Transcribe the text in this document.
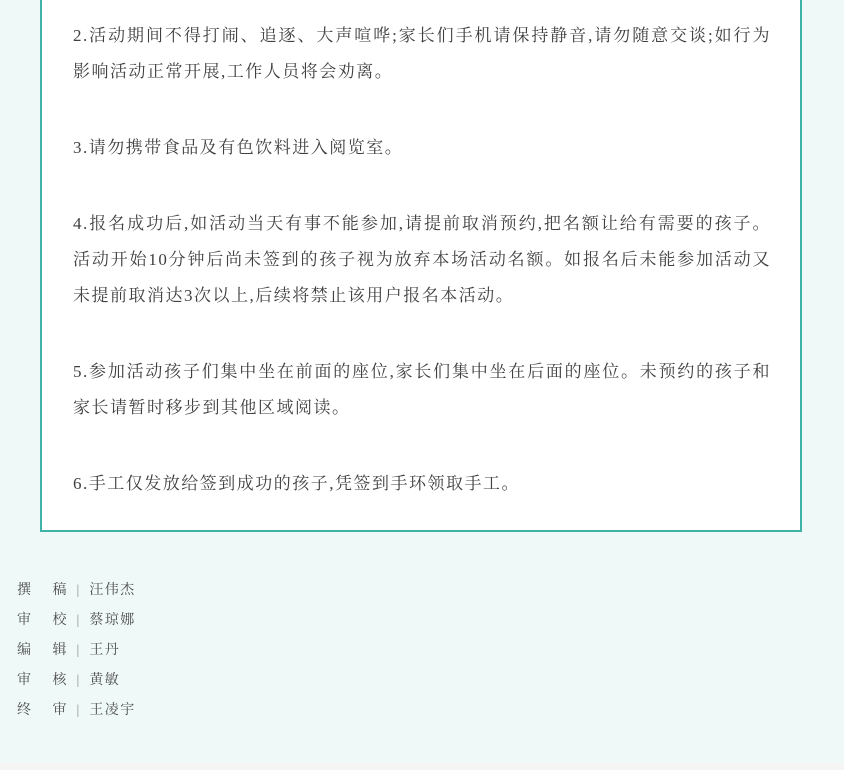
2.活动期间不得打闹、追逐、大声喧哗;家长们手机请保持静音,请勿随意交谈;如行为影响活动正常开展,工作人员将会劝离。

3.请勿携带食品及有色饮料进入阅览室。

4.报名成功后,如活动当天有事不能参加,请提前取消预约,把名额让给有需要的孩子。活动开始10分钟后尚未签到的孩子视为放弃本场活动名额。如报名后未能参加活动又未提前取消达3次以上,后续将禁止该用户报名本活动。

5.参加活动孩子们集中坐在前面的座位,家长们集中坐在后面的座位。未预约的孩子和家长请暂时移步到其他区域阅读。

6.手工仅发放给签到成功的孩子,凭签到手环领取手工。

撰 稿| 汪伟杰
审 校| 蔡琼娜
编 辑| 王丹
审 核| 黄敏
终 审| 王凌宇
